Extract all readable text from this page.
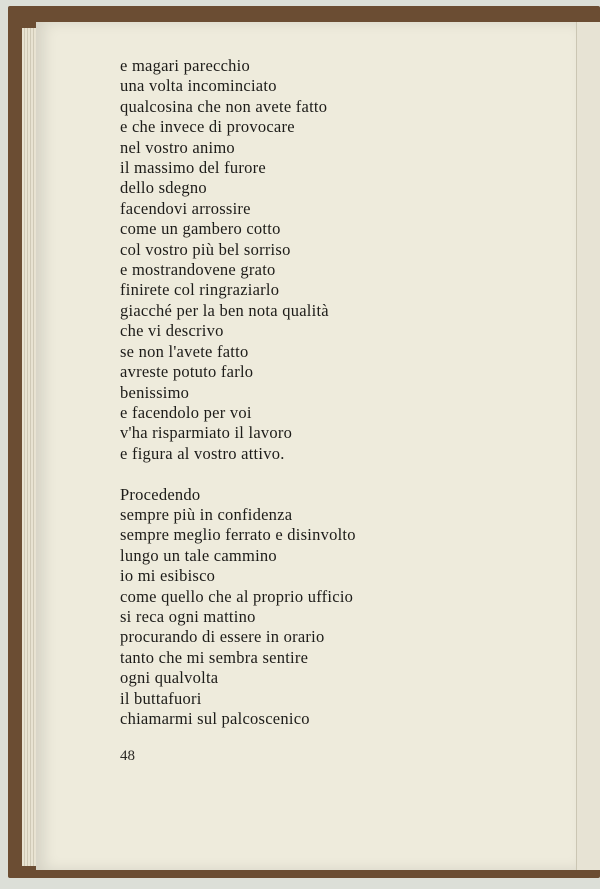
e magari parecchio
una volta incominciato
qualcosina che non avete fatto
e che invece di provocare
nel vostro animo
il massimo del furore
dello sdegno
facendovi arrossire
come un gambero cotto
col vostro più bel sorriso
e mostrandovene grato
finirete col ringraziarlo
giacché per la ben nota qualità
che vi descrivo
se non l'avete fatto
avreste potuto farlo
benissimo
e facendolo per voi
v'ha risparmiato il lavoro
e figura al vostro attivo.
Procedendo
sempre più in confidenza
sempre meglio ferrato e disinvolto
lungo un tale cammino
io mi esibisco
come quello che al proprio ufficio
si reca ogni mattino
procurando di essere in orario
tanto che mi sembra sentire
ogni qualvolta
il buttafuori
chiamarmi sul palcoscenico
48
